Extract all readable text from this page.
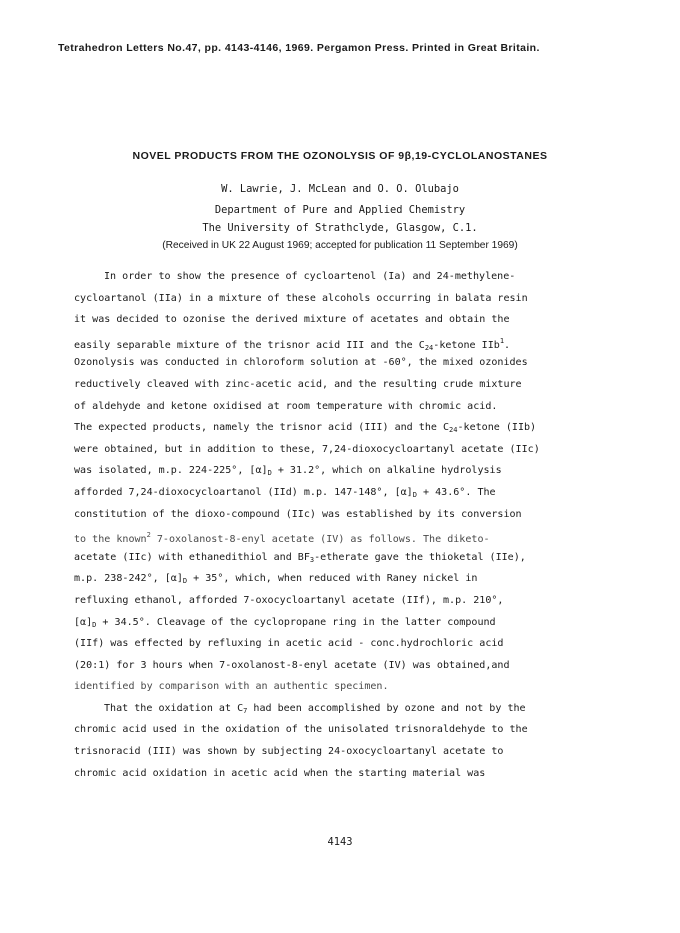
Tetrahedron Letters No.47, pp. 4143-4146, 1969. Pergamon Press. Printed in Great Britain.
NOVEL PRODUCTS FROM THE OZONOLYSIS OF 9β,19-CYCLOLANOSTANES
W. Lawrie, J. McLean and O. O. Olubajo
Department of Pure and Applied Chemistry
The University of Strathclyde, Glasgow, C.1.
(Received in UK 22 August 1969; accepted for publication 11 September 1969)
In order to show the presence of cycloartenol (Ia) and 24-methylene-
cycloartanol (IIa) in a mixture of these alcohols occurring in balata resin
it was decided to ozonise the derived mixture of acetates and obtain the
easily separable mixture of the trisnor acid III and the $C_{24}$-ketone IIb$^1$.
Ozonolysis was conducted in chloroform solution at -60°, the mixed ozonides
reductively cleaved with zinc-acetic acid, and the resulting crude mixture
of aldehyde and ketone oxidised at room temperature with chromic acid.
The expected products, namely the trisnor acid (III) and the $C_{24}$-ketone (IIb)
were obtained, but in addition to these, 7,24-dioxocycloartanyl acetate (IIc)
was isolated, m.p. 224-225°, $[\alpha]_D + 31.2^\circ$, which on alkaline hydrolysis
afforded 7,24-dioxocycloartanol (IId) m.p. 147-148°, $[\alpha]_D + 43.6^\circ$. The
constitution of the dioxo-compound (IIc) was established by its conversion
to the known$^2$ 7-oxolanost-8-enyl acetate (IV) as follows. The diketo-
acetate (IIc) with ethanedithiol and $BF_3$-etherate gave the thioketal (IIe),
m.p. 238-242°, $[\alpha]_D + 35^\circ$, which, when reduced with Raney nickel in
refluxing ethanol, afforded 7-oxocycloartanyl acetate (IIf), m.p. 210°,
$[\alpha]_D + 34.5^\circ$. Cleavage of the cyclopropane ring in the latter compound
(IIf) was effected by refluxing in acetic acid - conc.hydrochloric acid
(20:1) for 3 hours when 7-oxolanost-8-enyl acetate (IV) was obtained,and
identified by comparison with an authentic specimen.
That the oxidation at $C_7$ had been accomplished by ozone and not by the
chromic acid used in the oxidation of the unisolated trisnoraldehyde to the
trisnoracid (III) was shown by subjecting 24-oxocycloartanyl acetate to
chromic acid oxidation in acetic acid when the starting material was
4143
